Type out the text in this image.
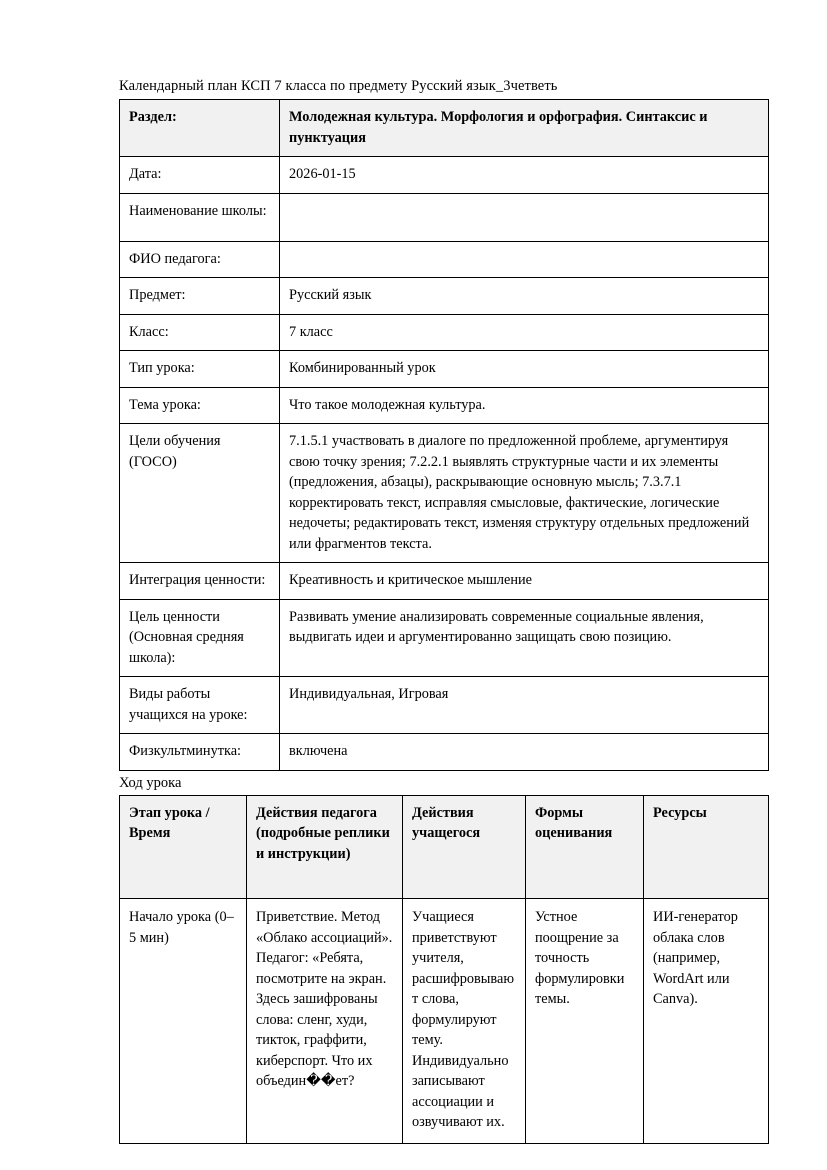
Календарный план КСП 7 класса по предмету Русский язык_3четветь
Раздел:	Молодежная культура. Морфология и орфография. Синтаксис и пунктуация
Дата:	2026-01-15
Наименование школы:	
ФИО педагога:	
Предмет:	Русский язык
Класс:	7 класс
Тип урока:	Комбинированный урок
Тема урока:	Что такое молодежная культура.
Цели обучения (ГОСО)	7.1.5.1 участвовать в диалоге по предложенной проблеме, аргументируя свою точку зрения; 7.2.2.1 выявлять структурные части и их элементы (предложения, абзацы), раскрывающие основную мысль; 7.3.7.1 корректировать текст, исправляя смысловые, фактические, логические недочеты; редактировать текст, изменяя структуру отдельных предложений или фрагментов текста.
Интеграция ценности:	Креативность и критическое мышление
Цель ценности (Основная средняя школа):	Развивать умение анализировать современные социальные явления, выдвигать идеи и аргументированно защищать свою позицию.
Виды работы учащихся на уроке:	Индивидуальная, Игровая
Физкультминутка:	включена
Ход урока
Этап урока / Время	Действия педагога (подробные реплики и инструкции)	Действия учащегося	Формы оценивания	Ресурсы

Начало урока (0–5 мин)	Приветствие. Метод «Облако ассоциаций». Педагог: «Ребята, посмотрите на экран. Здесь зашифрованы слова: сленг, худи, тикток, граффити, киберспорт. Что их объедин��ет?	Учащиеся приветствуют учителя, расшифровывают слова, формулируют тему. Индивидуально записывают ассоциации и озвучивают их.	Устное поощрение за точность формулировки темы.	ИИ-генератор облака слов (например, WordArt или Canva).
